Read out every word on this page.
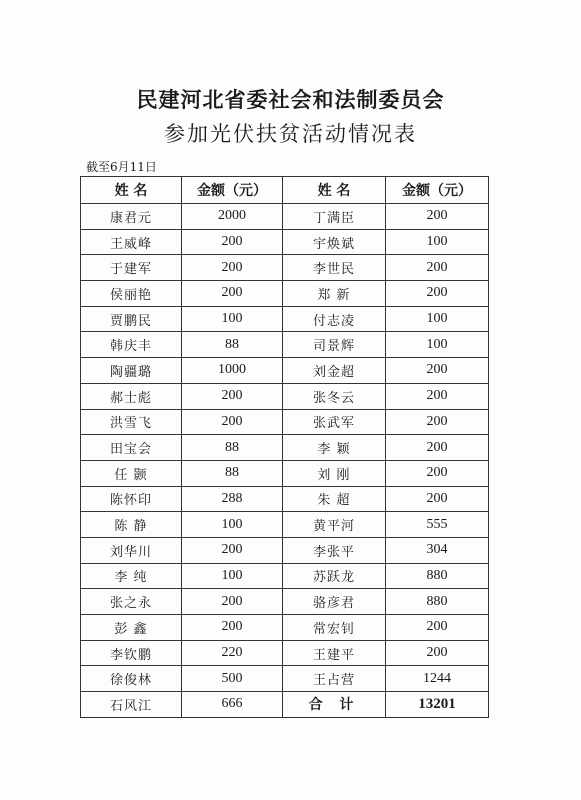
民建河北省委社会和法制委员会
参加光伏扶贫活动情况表
截至6月11日
姓 名	金额（元）	姓 名	金额（元）
康君元	2000	丁满臣	200
王威峰	200	宇焕斌	100
于建军	200	李世民	200
侯丽艳	200	郑 新	200
贾鹏民	100	付志凌	100
韩庆丰	88	司景辉	100
陶疆璐	1000	刘金超	200
郝士彪	200	张冬云	200
洪雪飞	200	张武军	200
田宝会	88	李 颖	200
任 颢	88	刘 刚	200
陈怀印	288	朱 超	200
陈 静	100	黄平河	555
刘华川	200	李张平	304
李 纯	100	苏跃龙	880
张之永	200	骆彦君	880
彭 鑫	200	常宏钊	200
李钦鹏	220	王建平	200
徐俊林	500	王占营	1244
石风江	666	合 计	13201
